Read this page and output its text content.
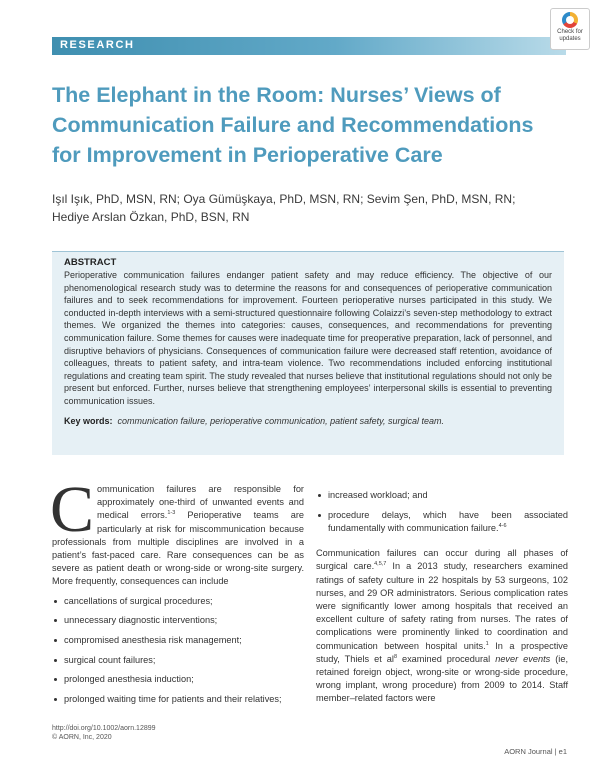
RESEARCH
Check for
updates
The Elephant in the Room: Nurses’ Views of Communication Failure and Recommendations for Improvement in Perioperative Care
Işıl Işık, PhD, MSN, RN; Oya Gümüşkaya, PhD, MSN, RN; Sevim Şen, PhD, MSN, RN;
Hediye Arslan Özkan, PhD, BSN, RN
ABSTRACT

Perioperative communication failures endanger patient safety and may reduce efficiency. The objective of our phenomenological research study was to determine the reasons for and consequences of perioperative communication failures and to seek recommendations for improvement. Fourteen perioperative nurses participated in this study. We conducted in-depth interviews with a semi-structured questionnaire following Colaizzi’s seven-step methodology to extract themes. We organized the themes into categories: causes, consequences, and recommendations for preventing communication failure. Some themes for causes were inadequate time for preoperative preparation, lack of personnel, and disruptive behaviors of physicians. Consequences of communication failure were decreased staff retention, avoidance of colleagues, threats to patient safety, and intra-team violence. Two recommendations included enforcing institutional regulations and creating team spirit. The study revealed that nurses believe that institutional regulations should not only be present but enforced. Further, nurses believe that strengthening employees’ interpersonal skills is essential to preventing communication issues.

Key words: communication failure, perioperative communication, patient safety, surgical team.

Communication failures are responsible for approximately one-third of unwanted events and medical errors.$^{1-3}$ Perioperative teams are particularly at risk for miscommunication because professionals from multiple disciplines are involved in a patient’s fast-paced care. Rare consequences can be as severe as patient death or wrong-side or wrong-site surgery. More frequently, consequences can include

cancellations of surgical procedures;
unnecessary diagnostic interventions;
compromised anesthesia risk management;
surgical count failures;
prolonged anesthesia induction;
prolonged waiting time for patients and their relatives;
increased workload; and
procedure delays, which have been associated fundamentally with communication failure.$^{4-6}$

Communication failures can occur during all phases of surgical care.$^{4,5,7}$ In a 2013 study, researchers examined ratings of safety culture in 22 hospitals by 53 surgeons, 102 nurses, and 29 OR administrators. Serious complication rates were significantly lower among hospitals that received an excellent culture of safety rating from nurses. The rates of complications were prominently linked to coordination and communication between hospital units.$^1$ In a prospective study, Thiels et $al^8$ examined procedural never events (ie, retained foreign object, wrong-site or wrong-side procedure, wrong implant, wrong procedure) from 2009 to 2014. Staff member–related factors were

http://doi.org/10.1002/aorn.12899
© AORN, Inc, 2020
AORN Journal | e1
